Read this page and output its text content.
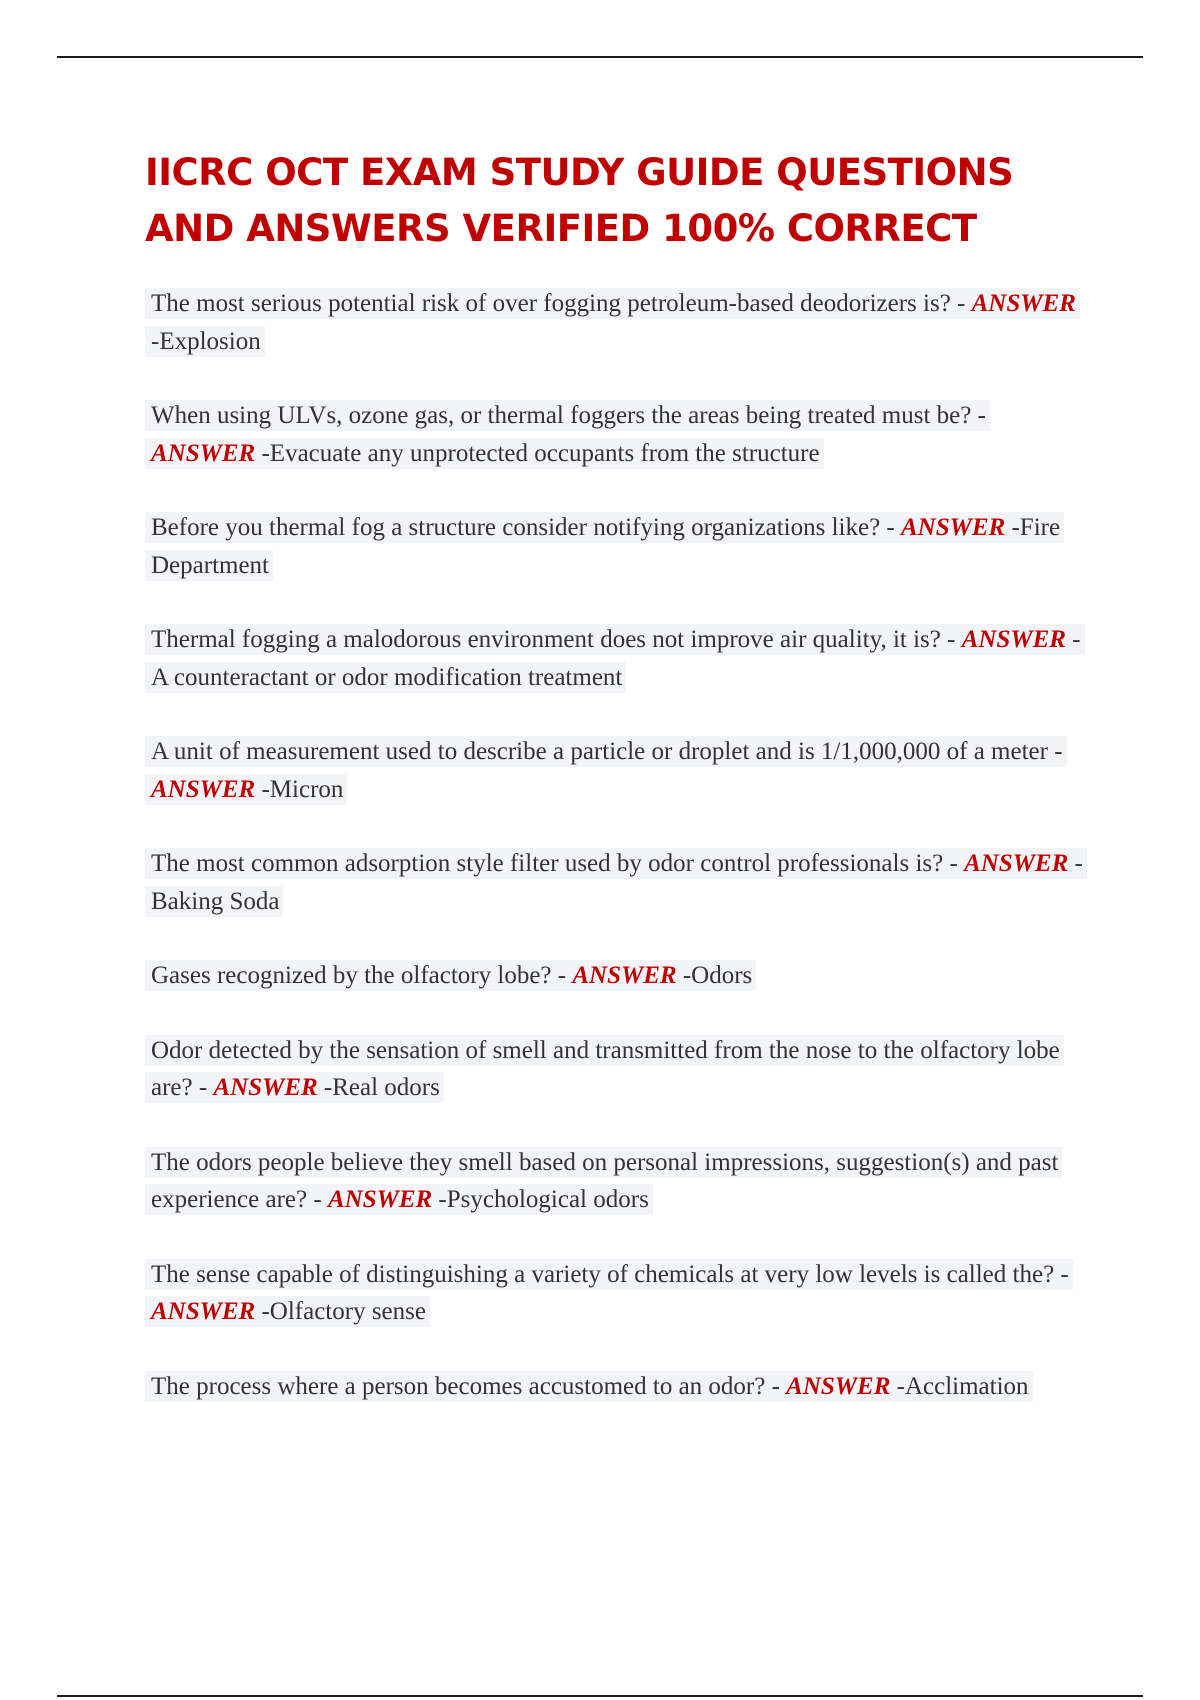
IICRC OCT EXAM STUDY GUIDE QUESTIONS AND ANSWERS VERIFIED 100% CORRECT
The most serious potential risk of over fogging petroleum-based deodorizers is? - ANSWER -Explosion
When using ULVs, ozone gas, or thermal foggers the areas being treated must be? - ANSWER -Evacuate any unprotected occupants from the structure
Before you thermal fog a structure consider notifying organizations like? - ANSWER -Fire Department
Thermal fogging a malodorous environment does not improve air quality, it is? - ANSWER -A counteractant or odor modification treatment
A unit of measurement used to describe a particle or droplet and is 1/1,000,000 of a meter - ANSWER -Micron
The most common adsorption style filter used by odor control professionals is? - ANSWER -Baking Soda
Gases recognized by the olfactory lobe? - ANSWER -Odors
Odor detected by the sensation of smell and transmitted from the nose to the olfactory lobe are? - ANSWER -Real odors
The odors people believe they smell based on personal impressions, suggestion(s) and past experience are? - ANSWER -Psychological odors
The sense capable of distinguishing a variety of chemicals at very low levels is called the? - ANSWER -Olfactory sense
The process where a person becomes accustomed to an odor? - ANSWER -Acclimation
